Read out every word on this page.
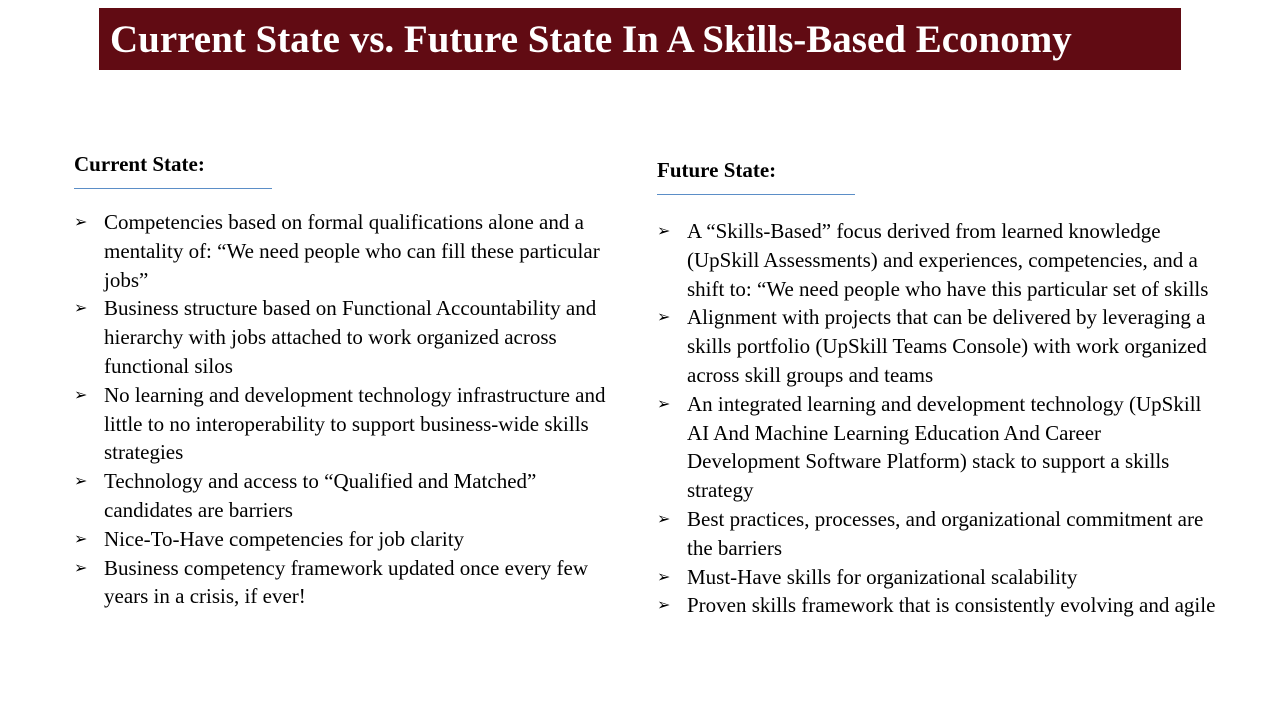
Current State vs. Future State In A Skills-Based Economy

Current State:

➢ Competencies based on formal qualifications alone and a mentality of: “We need people who can fill these particular jobs”
➢ Business structure based on Functional Accountability and hierarchy with jobs attached to work organized across functional silos
➢ No learning and development technology infrastructure and little to no interoperability to support business-wide skills strategies
➢ Technology and access to “Qualified and Matched” candidates are barriers
➢ Nice-To-Have competencies for job clarity
➢ Business competency framework updated once every few years in a crisis, if ever!

Future State:

➢ A “Skills-Based” focus derived from learned knowledge (UpSkill Assessments) and experiences, competencies, and a shift to: “We need people who have this particular set of skills
➢ Alignment with projects that can be delivered by leveraging a skills portfolio (UpSkill Teams Console) with work organized across skill groups and teams
➢ An integrated learning and development technology (UpSkill AI And Machine Learning Education And Career Development Software Platform) stack to support a skills strategy
➢ Best practices, processes, and organizational commitment are the barriers
➢ Must-Have skills for organizational scalability
➢ Proven skills framework that is consistently evolving and agile
